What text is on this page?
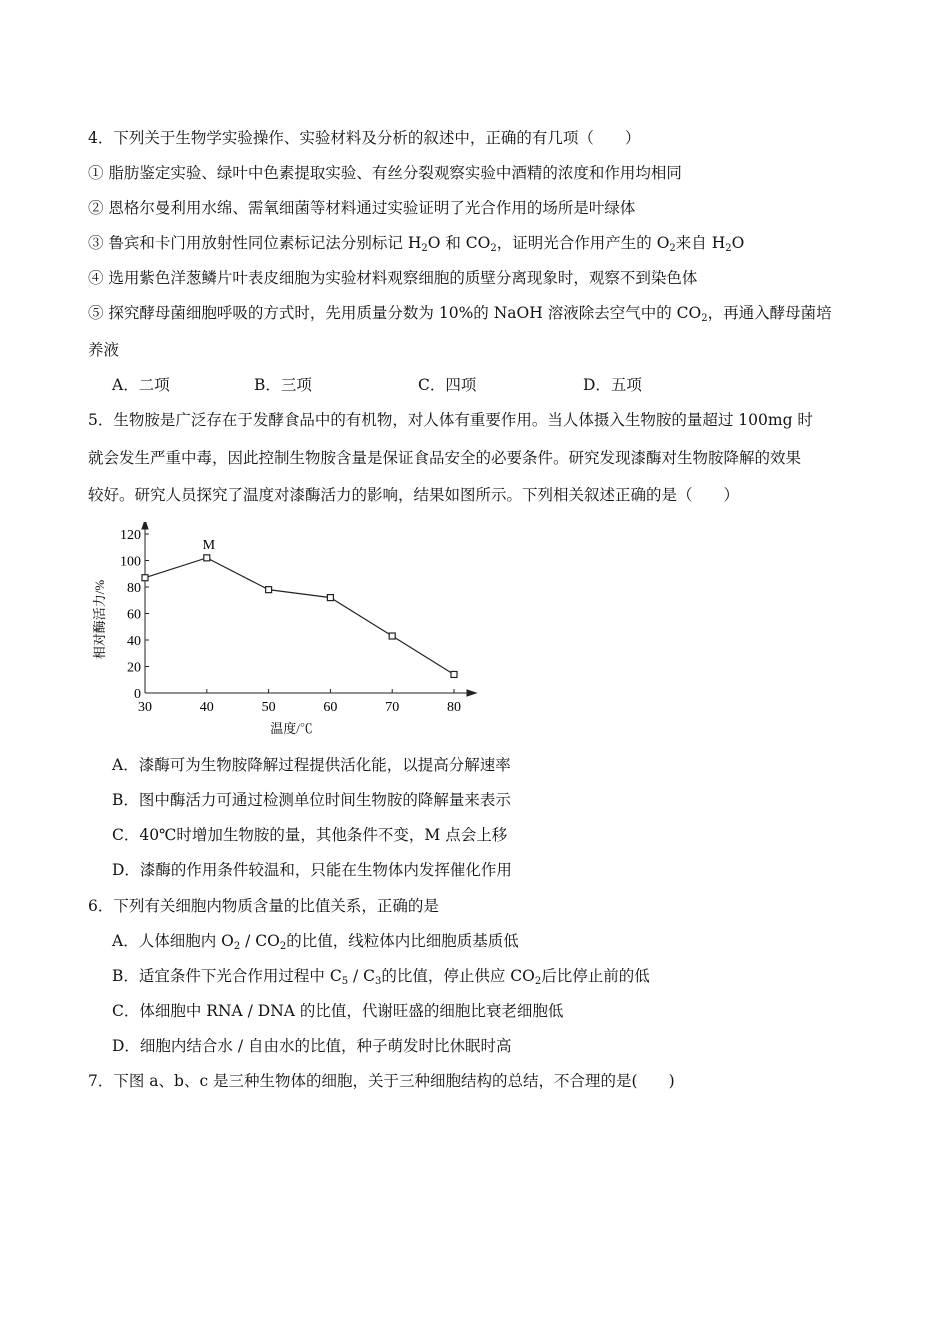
4．下列关于生物学实验操作、实验材料及分析的叙述中，正确的有几项（　　）
① 脂肪鉴定实验、绿叶中色素提取实验、有丝分裂观察实验中酒精的浓度和作用均相同
② 恩格尔曼利用水绵、需氧细菌等材料通过实验证明了光合作用的场所是叶绿体
③ 鲁宾和卡门用放射性同位素标记法分别标记 $H_2O$ 和 $CO_2$，证明光合作用产生的 $O_2$来自 $H_2O$
④ 选用紫色洋葱鳞片叶表皮细胞为实验材料观察细胞的质壁分离现象时，观察不到染色体
⑤ 探究酵母菌细胞呼吸的方式时，先用质量分数为 10%的 NaOH 溶液除去空气中的 $CO_2$，再通入酵母菌培
养液
A．二项	B．三项	C．四项	D．五项
5．生物胺是广泛存在于发酵食品中的有机物，对人体有重要作用。当人体摄入生物胺的量超过 100mg 时
就会发生严重中毒，因此控制生物胺含量是保证食品安全的必要条件。研究发现漆酶对生物胺降解的效果
较好。研究人员探究了温度对漆酶活力的影响，结果如图所示。下列相关叙述正确的是（　　）
0
20
40
60
80
100
120
30	40	50	60	70	80
M
温度/℃
相对酶活力/%
A．漆酶可为生物胺降解过程提供活化能，以提高分解速率
B．图中酶活力可通过检测单位时间生物胺的降解量来表示
C．40℃时增加生物胺的量，其他条件不变，M 点会上移
D．漆酶的作用条件较温和，只能在生物体内发挥催化作用
6．下列有关细胞内物质含量的比值关系，正确的是
A．人体细胞内 $O_2 / CO_2$的比值，线粒体内比细胞质基质低
B．适宜条件下光合作用过程中 $C_5 / C_3$的比值，停止供应 $CO_2$后比停止前的低
C．体细胞中 RNA / DNA 的比值，代谢旺盛的细胞比衰老细胞低
D．细胞内结合水 / 自由水的比值，种子萌发时比休眠时高
7．下图 a、b、c 是三种生物体的细胞，关于三种细胞结构的总结，不合理的是(　　)
